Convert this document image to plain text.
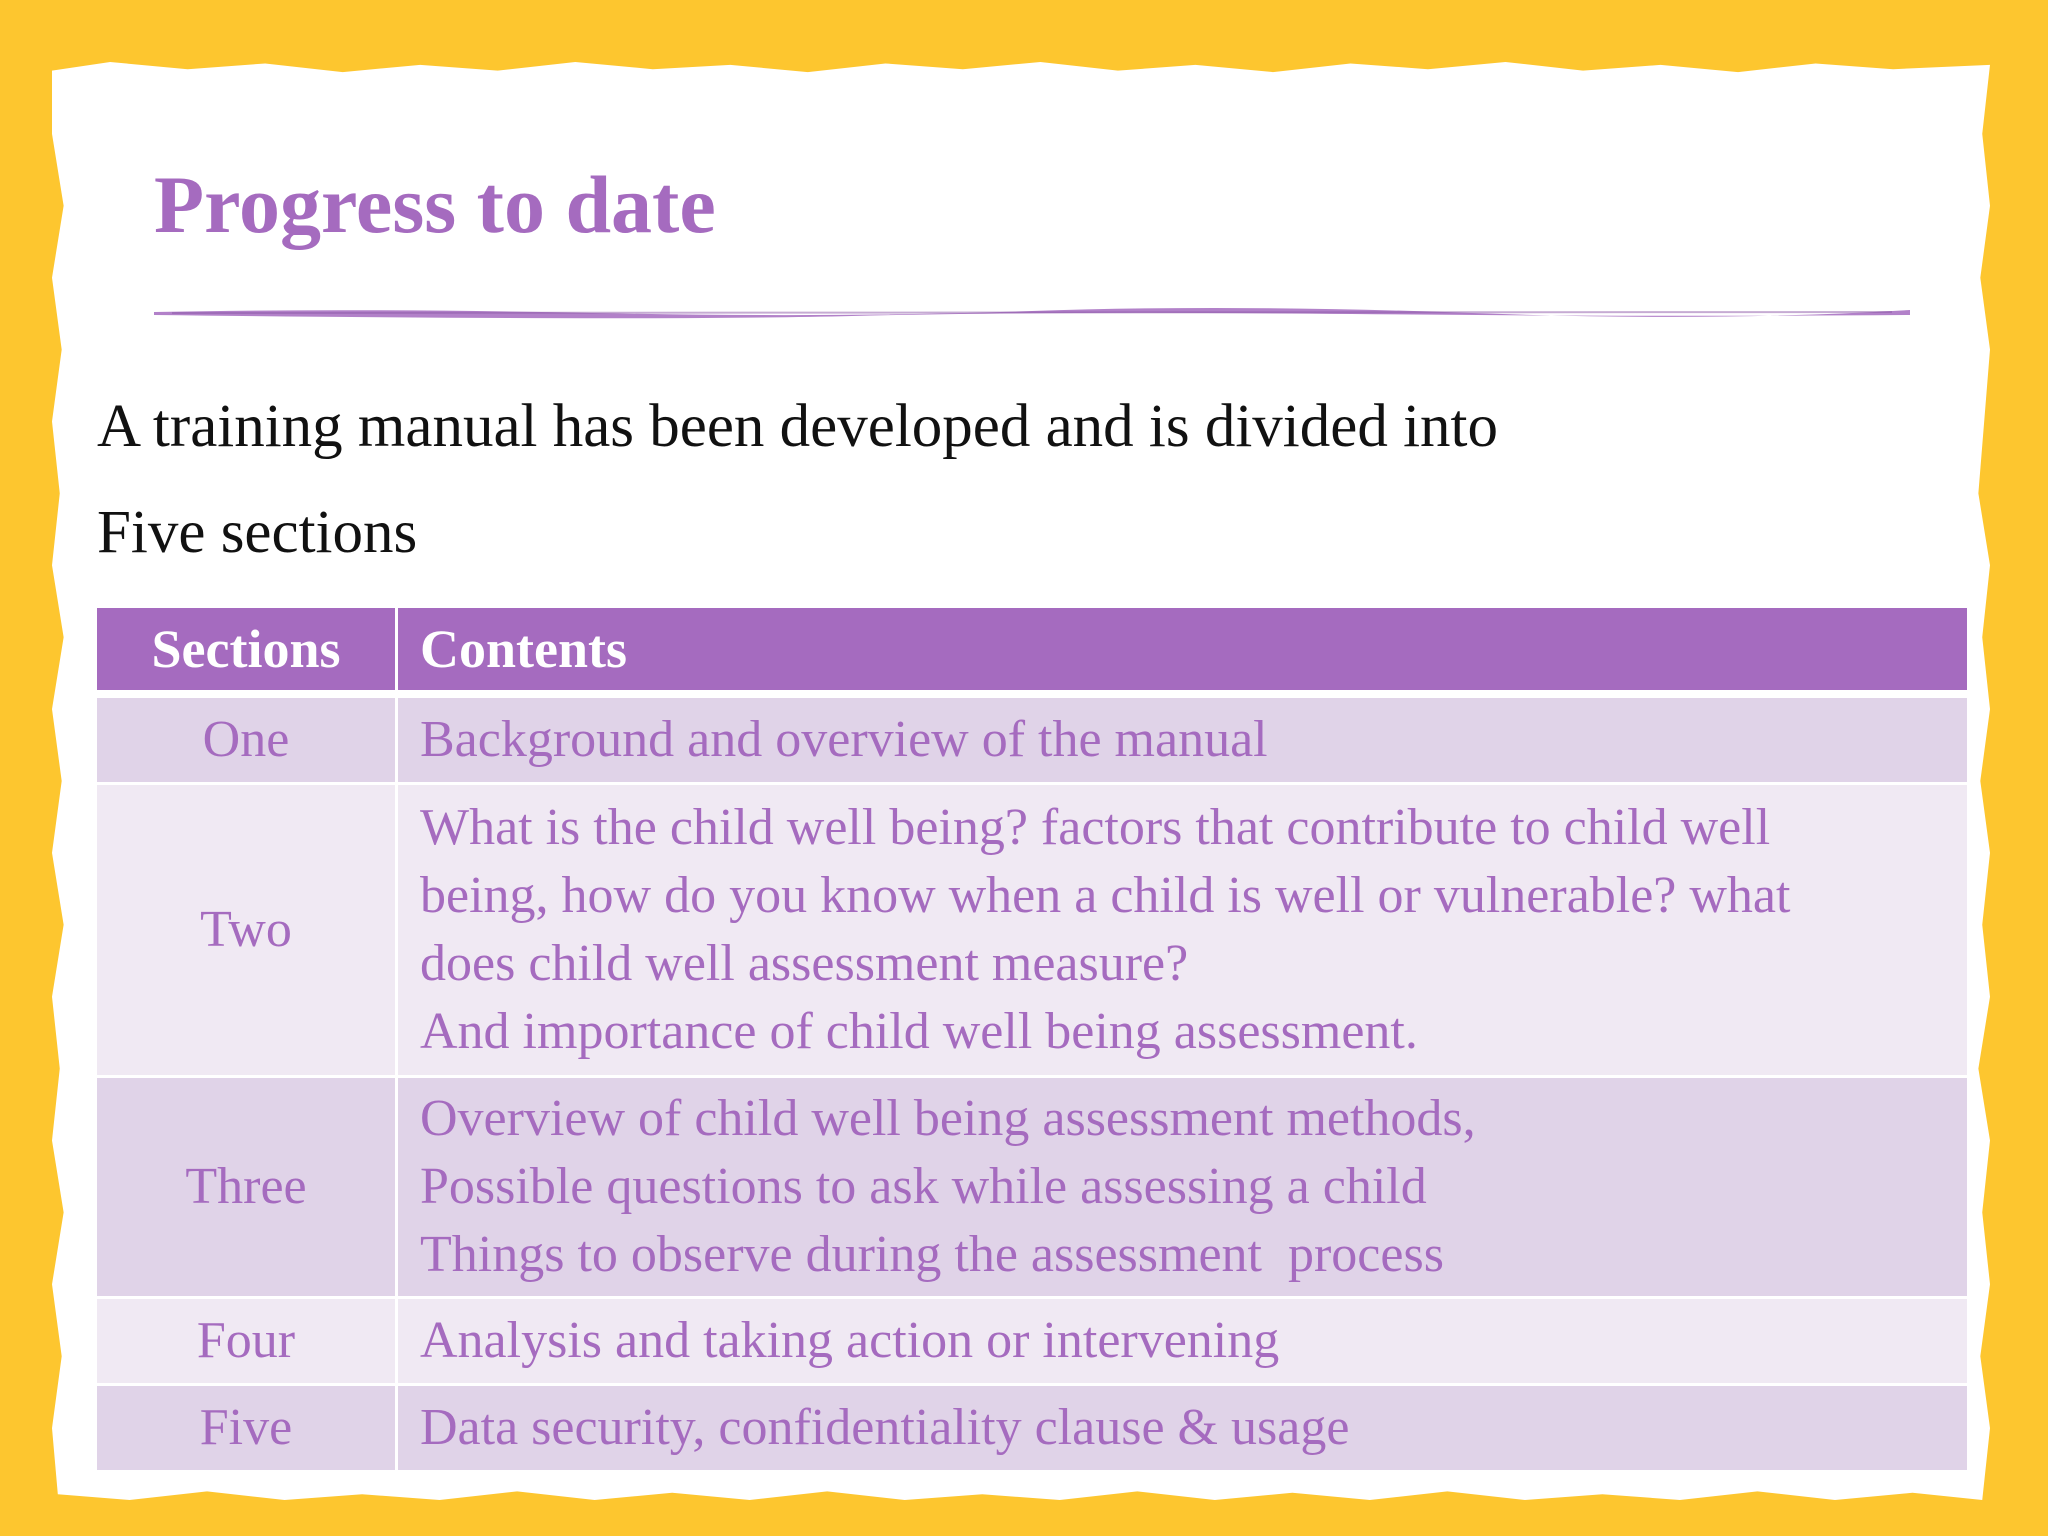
Progress to date

A training manual has been developed and is divided into

Five sections

Sections	Contents
One	Background and overview of the manual

Two	What is the child well being? factors that contribute to child well
being, how do you know when a child is well or vulnerable? what
does child well assessment measure?
And importance of child well being assessment.

Three	Overview of child well being assessment methods,
Possible questions to ask while assessing a child
Things to observe during the assessment  process

Four	Analysis and taking action or intervening

Five	Data security, confidentiality clause & usage
